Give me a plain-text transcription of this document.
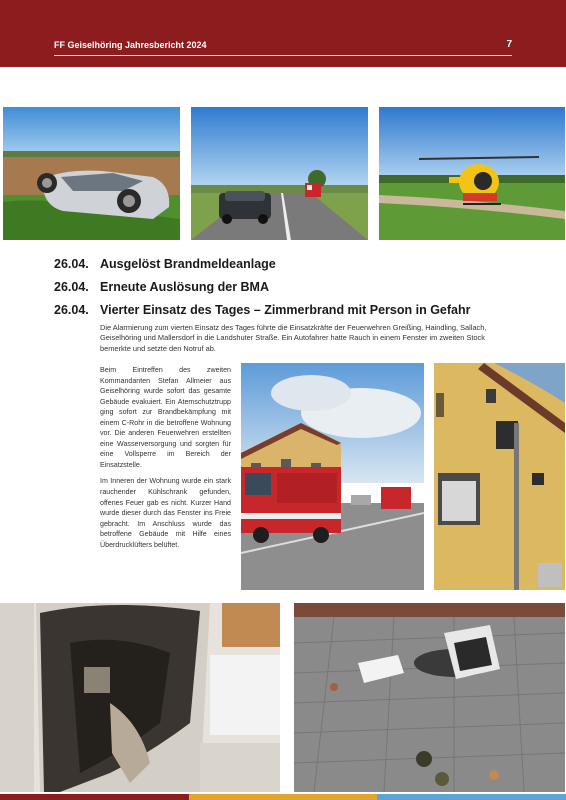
FF Geiselhöring Jahresbericht 2024	7
26.04. Ausgelöst Brandmeldeanlage
26.04. Erneute Auslösung der BMA
26.04. Vierter Einsatz des Tages – Zimmerbrand mit Person in Gefahr

Die Alarmierung zum vierten Einsatz des Tages führte die Einsatzkräfte der Feuerwehren Greißing, Haindling, Sallach, Geiselhöring und Mallersdorf in die Landshuter Straße. Ein Autofahrer hatte Rauch in einem Fenster im zweiten Stock bemerkte und setzte den Notruf ab.

Beim Eintreffen des zweiten Kommandanten Stefan Allmeier aus Geiselhöring wurde sofort das gesamte Gebäude evakuiert. Ein Atemschutztrupp ging sofort zur Brandbekämpfung mit einem C-Rohr in die betroffene Wohnung vor. Die anderen Feuerwehren erstellten eine Wasserversorgung und sorgten für eine Vollsperre im Bereich der Einsatzstelle.

Im Inneren der Wohnung wurde ein stark rauchender Kühlschrank gefunden, offenes Feuer gab es nicht. Kurzer Hand wurde dieser durch das Fenster ins Freie gebracht. Im Anschluss wurde das betroffene Gebäude mit Hilfe eines Überdrucklüfters belüftet.
